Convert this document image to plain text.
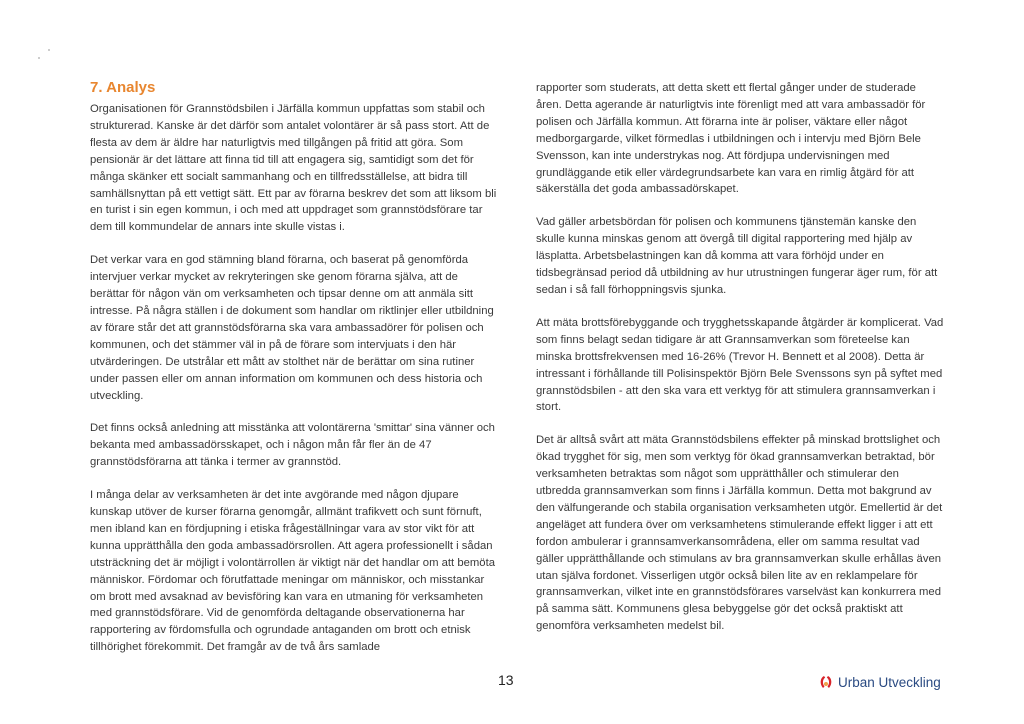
7. Analys

Organisationen för Grannstödsbilen i Järfälla kommun uppfattas som stabil och strukturerad. Kanske är det därför som antalet volontärer är så pass stort. Att de flesta av dem är äldre har naturligtvis med tillgången på fritid att göra. Som pensionär är det lättare att finna tid till att engagera sig, samtidigt som det för många skänker ett socialt sammanhang och en tillfredsställelse, att bidra till samhällsnyttan på ett vettigt sätt. Ett par av förarna beskrev det som att liksom bli en turist i sin egen kommun, i och med att uppdraget som grannstödsförare tar dem till kommundelar de annars inte skulle vistas i.

Det verkar vara en god stämning bland förarna, och baserat på genomförda intervjuer verkar mycket av rekryteringen ske genom förarna själva, att de berättar för någon vän om verksamheten och tipsar denne om att anmäla sitt intresse. På några ställen i de dokument som handlar om riktlinjer eller utbildning av förare står det att grannstödsförarna ska vara ambassadörer för polisen och kommunen, och det stämmer väl in på de förare som intervjuats i den här utvärderingen. De utstrålar ett mått av stolthet när de berättar om sina rutiner under passen eller om annan information om kommunen och dess historia och utveckling.

Det finns också anledning att misstänka att volontärerna 'smittar' sina vänner och bekanta med ambassadörsskapet, och i någon mån får fler än de 47 grannstödsförarna att tänka i termer av grannstöd.

I många delar av verksamheten är det inte avgörande med någon djupare kunskap utöver de kurser förarna genomgår, allmänt trafikvett och sunt förnuft, men ibland kan en fördjupning i etiska frågeställningar vara av stor vikt för att kunna upprätthålla den goda ambassadörsrollen. Att agera professionellt i sådan utsträckning det är möjligt i volontärrollen är viktigt när det handlar om att bemöta människor. Fördomar och förutfattade meningar om människor, och misstankar om brott med avsaknad av bevisföring kan vara en utmaning för verksamheten med grannstödsförare. Vid de genomförda deltagande observationerna har rapportering av fördomsfulla och ogrundade antaganden om brott och etnisk tillhörighet förekommit. Det framgår av de två års samlade

rapporter som studerats, att detta skett ett flertal gånger under de studerade åren. Detta agerande är naturligtvis inte förenligt med att vara ambassadör för polisen och Järfälla kommun. Att förarna inte är poliser, väktare eller något medborgargarde, vilket förmedlas i utbildningen och i intervju med Björn Bele Svensson, kan inte understrykas nog. Att fördjupa undervisningen med grundläggande etik eller värdegrundsarbete kan vara en rimlig åtgärd för att säkerställa det goda ambassadörskapet.

Vad gäller arbetsbördan för polisen och kommunens tjänstemän kanske den skulle kunna minskas genom att övergå till digital rapportering med hjälp av läsplatta. Arbetsbelastningen kan då komma att vara förhöjd under en tidsbegränsad period då utbildning av hur utrustningen fungerar äger rum, för att sedan i så fall förhoppningsvis sjunka.

Att mäta brottsförebyggande och trygghetsskapande åtgärder är komplicerat. Vad som finns belagt sedan tidigare är att Grannsamverkan som företeelse kan minska brottsfrekvensen med 16-26% (Trevor H. Bennett et al 2008). Detta är intressant i förhållande till Polisinspektör Björn Bele Svenssons syn på syftet med grannstödsbilen - att den ska vara ett verktyg för att stimulera grannsamverkan i stort.

Det är alltså svårt att mäta Grannstödsbilens effekter på minskad brottslighet och ökad trygghet för sig, men som verktyg för ökad grannsamverkan betraktad, bör verksamheten betraktas som något som upprätthåller och stimulerar den utbredda grannsamverkan som finns i Järfälla kommun. Detta mot bakgrund av den välfungerande och stabila organisation verksamheten utgör. Emellertid är det angeläget att fundera över om verksamhetens stimulerande effekt ligger i att ett fordon ambulerar i grannsamverkansområdena, eller om samma resultat vad gäller upprätthållande och stimulans av bra grannsamverkan skulle erhållas även utan själva fordonet. Visserligen utgör också bilen lite av en reklampelare för grannsamverkan, vilket inte en grannstödsförares varselväst kan konkurrera med på samma sätt. Kommunens glesa bebyggelse gör det också praktiskt att genomföra verksamheten medelst bil.

13	Urban Utveckling
